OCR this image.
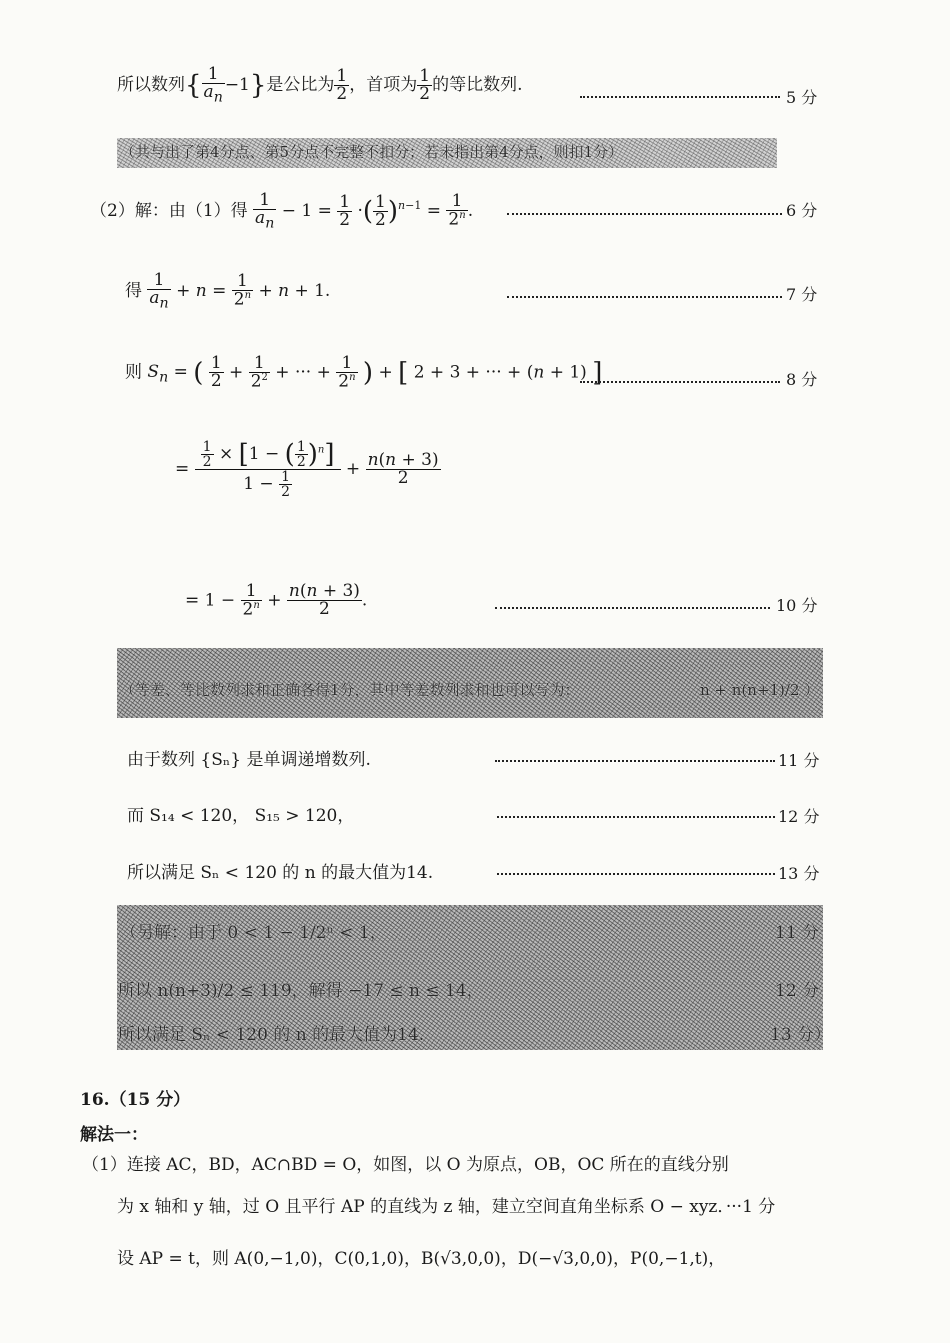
所以数列{ $\frac{1}{a_n} -1$}是公比为 $\frac{1}{2}$ ，首项为 $\frac{1}{2}$ 的等比数列.
5 分
（共与出了第4分点、第5分点不完整不扣分；若未指出第4分点，则扣1分）
（2）解：由（1）得 $\frac{1}{a_n} - 1 = \frac{1}{2}$ ·( $\frac{1}{2} )^{n-1} = \frac{1}{2^n}$ .	6 分
得 $\frac{1}{a_n} + n = \frac{1}{2^n} + n + 1$.	7 分
则 $S_n$ = ( $\frac{1}{2} + \frac{1}{2^2}$ + ··· + $\frac{1}{2^n}$ ) + [ 2 + 3 + ··· + (n + 1) ]	8 分
= $\frac{\frac{1}{2} \times [1 - ( \frac{1}{2} )^n]}{1 - \frac{1}{2}} + \frac{n(n + 3)}{2}$
= $1 - \frac{1}{2^n} + \frac{n(n + 3)}{2}$ .	10 分
（等差、等比数列求和正确各得1分，其中等差数列求和也可以写为：	n + n(n+1)/2 ）
由于数列 {Sₙ} 是单调递增数列.	11 分
而 S₁₄ < 120， S₁₅ > 120，	12 分
所以满足 Sₙ < 120 的 n 的最大值为14.	13 分
（另解：由于 0 < 1 − 1/2ⁿ < 1，	11 分
所以 n(n+3)/2 ≤ 119，解得 −17 ≤ n ≤ 14，	12 分
所以满足 Sₙ < 120 的 n 的最大值为14.	13 分）
16.（15 分）
解法一：
（1）连接 AC，BD，AC∩BD = O，如图，以 O 为原点，OB，OC 所在的直线分别
为 x 轴和 y 轴，过 O 且平行 AP 的直线为 z 轴，建立空间直角坐标系 O − xyz．···1 分
设 AP = t，则 A(0,−1,0)，C(0,1,0)，B(√3,0,0)，D(−√3,0,0)，P(0,−1,t)，
